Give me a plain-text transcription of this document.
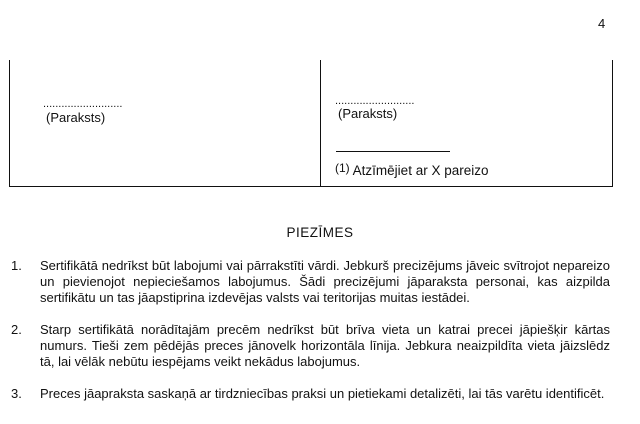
4
..........................
(Paraksts)
..........................
(Paraksts)
(1) Atzīmējiet ar X pareizo
PIEZĪMES
1. Sertifikātā nedrīkst būt labojumi vai pārrakstīti vārdi. Jebkurš precizējums jāveic svītrojot nepareizo un pievienojot nepieciešamos labojumus. Šādi precizējumi jāparaksta personai, kas aizpilda sertifikātu un tas jāapstiprina izdevējas valsts vai teritorijas muitas iestādei.
2. Starp sertifikātā norādītajām precēm nedrīkst būt brīva vieta un katrai precei jāpiešķir kārtas numurs. Tieši zem pēdējās preces jānovelk horizontāla līnija. Jebkura neaizpildīta vieta jāizslēdz tā, lai vēlāk nebūtu iespējams veikt nekādus labojumus.
3. Preces jāapraksta saskaņā ar tirdzniecības praksi un pietiekami detalizēti, lai tās varētu identificēt.
